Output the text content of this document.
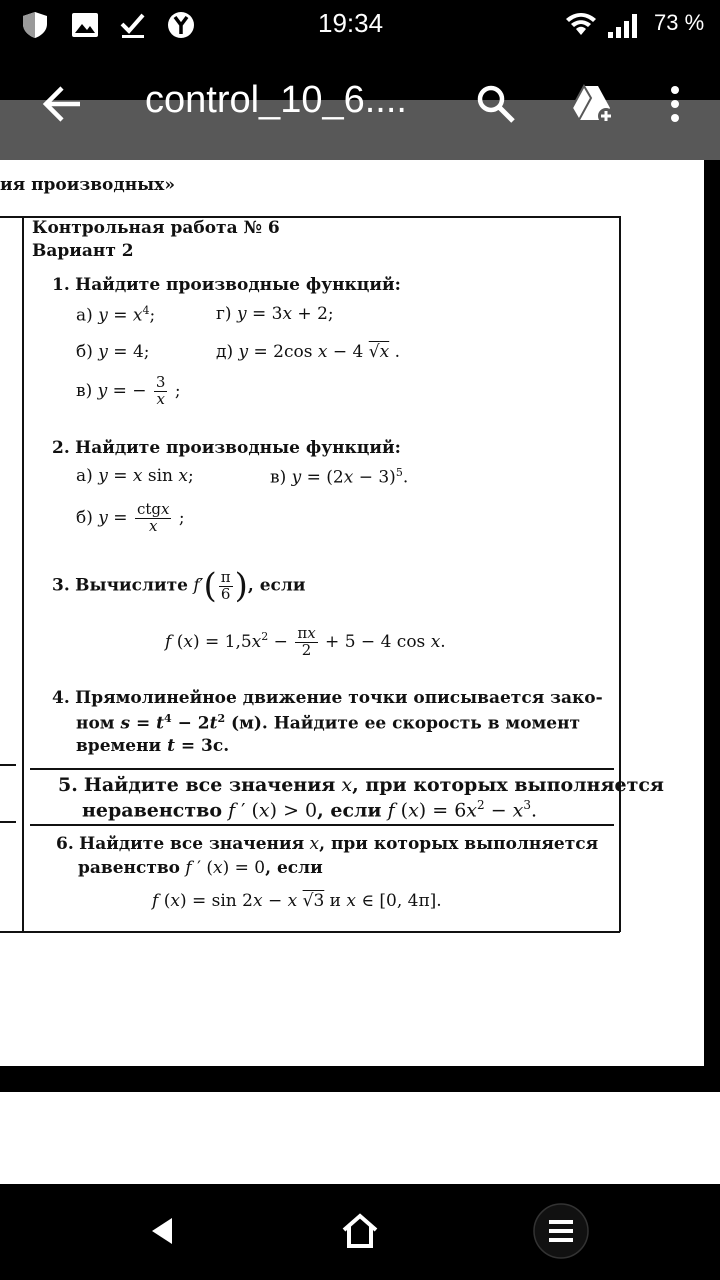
19:34	73 %
control_10_6....
ия производных»
Контрольная работа № 6
Вариант 2
1. Найдите производные функций:
а) $y = x^4$;	г) y = 3x + 2;
б) y = 4;	д) y = 2cos x − 4 √x .
в) y = − $\frac{3}{x}$ ;
2. Найдите производные функций:
а) y = x sin x;	в) $y = (2x - 3)^5$.
б) $y = \frac{\text{ctgx}}{x}$ ;
3. Вычислите $f'( \frac{\pi}{6}$ ), если
f $(x) = 1,5x^2 - \frac{\pi x}{2} + 5 - 4$ cos x.
4. Прямолинейное движение точки описывается зако-
ном $s = t^4 - 2t^2$ (м). Найдите ее скорость в момент
времени t = 3с.
5. Найдите все значения x, при которых выполняется
неравенство f ′ (x) > 0, если f $(x) = 6x^2 - x^3$.
6. Найдите все значения x, при которых выполняется
равенство f ′ (x) = 0, если
f (x) = sin 2x − x √3 и x ∈ [0, 4π].
